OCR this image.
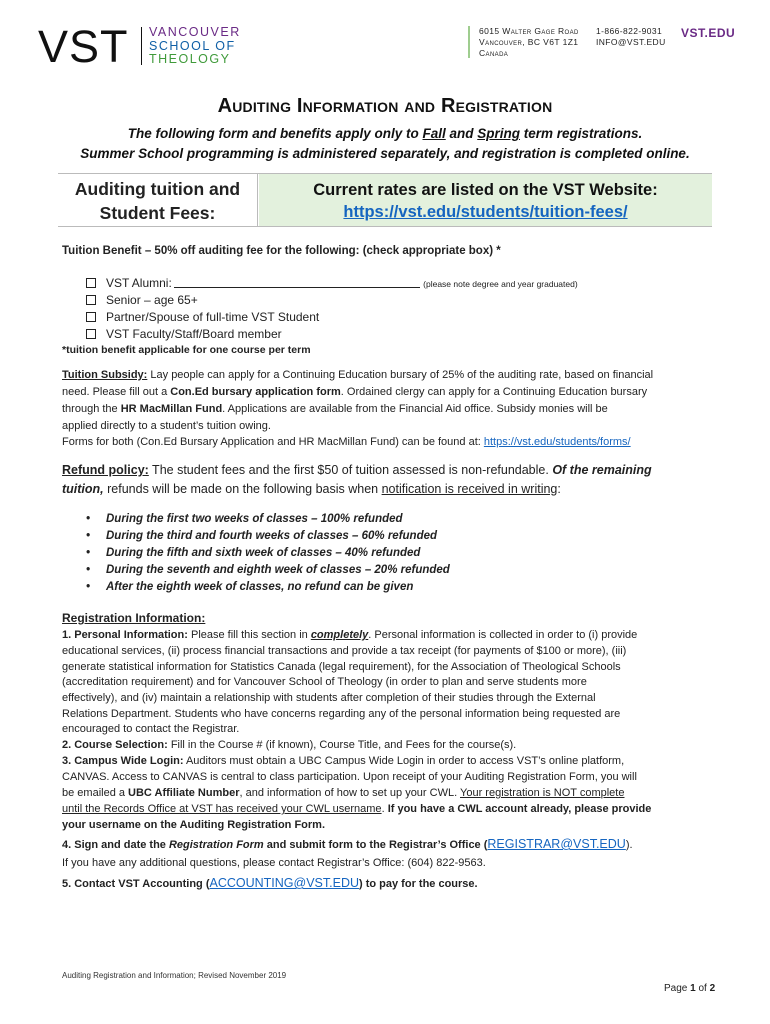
VST VANCOUVER
SCHOOL OF
THEOLOGY
6015 Walter Gage Road
Vancouver, BC V6T 1Z1
Canada
1-866-822-9031
INFO@VST.EDU
VST.EDU
Auditing Information and Registration
The following form and benefits apply only to Fall and Spring term registrations.
Summer School programming is administered separately, and registration is completed online.
Auditing tuition and
Student Fees:
Current rates are listed on the VST Website:
https://vst.edu/students/tuition-fees/
Tuition Benefit – 50% off auditing fee for the following: (check appropriate box) *
VST Alumni:	(please note degree and year graduated)
Senior – age 65+
Partner/Spouse of full-time VST Student
VST Faculty/Staff/Board member
*tuition benefit applicable for one course per term
Tuition Subsidy: Lay people can apply for a Continuing Education bursary of 25% of the auditing rate, based on financial
need. Please fill out a Con.Ed bursary application form. Ordained clergy can apply for a Continuing Education bursary
through the HR MacMillan Fund. Applications are available from the Financial Aid office. Subsidy monies will be
applied directly to a student’s tuition owing.
Forms for both (Con.Ed Bursary Application and HR MacMillan Fund) can be found at: https://vst.edu/students/forms/
Refund policy: The student fees and the first $50 of tuition assessed is non-refundable. Of the remaining
tuition, refunds will be made on the following basis when notification is received in writing:
• During the first two weeks of classes – 100% refunded
• During the third and fourth weeks of classes – 60% refunded
• During the fifth and sixth week of classes – 40% refunded
• During the seventh and eighth week of classes – 20% refunded
• After the eighth week of classes, no refund can be given
Registration Information:
1. Personal Information: Please fill this section in completely. Personal information is collected in order to (i) provide
educational services, (ii) process financial transactions and provide a tax receipt (for payments of $100 or more), (iii)
generate statistical information for Statistics Canada (legal requirement), for the Association of Theological Schools
(accreditation requirement) and for Vancouver School of Theology (in order to plan and serve students more
effectively), and (iv) maintain a relationship with students after completion of their studies through the External
Relations Department. Students who have concerns regarding any of the personal information being requested are
encouraged to contact the Registrar.
2. Course Selection: Fill in the Course # (if known), Course Title, and Fees for the course(s).
3. Campus Wide Login: Auditors must obtain a UBC Campus Wide Login in order to access VST’s online platform,
CANVAS. Access to CANVAS is central to class participation. Upon receipt of your Auditing Registration Form, you will
be emailed a UBC Affiliate Number, and information of how to set up your CWL. Your registration is NOT complete
until the Records Office at VST has received your CWL username. If you have a CWL account already, please provide
your username on the Auditing Registration Form.
4. Sign and date the Registration Form and submit form to the Registrar’s Office (REGISTRAR@VST.EDU).
If you have any additional questions, please contact Registrar’s Office: (604) 822-9563.
5. Contact VST Accounting (ACCOUNTING@VST.EDU) to pay for the course.
Auditing Registration and Information; Revised November 2019
Page 1 of 2
